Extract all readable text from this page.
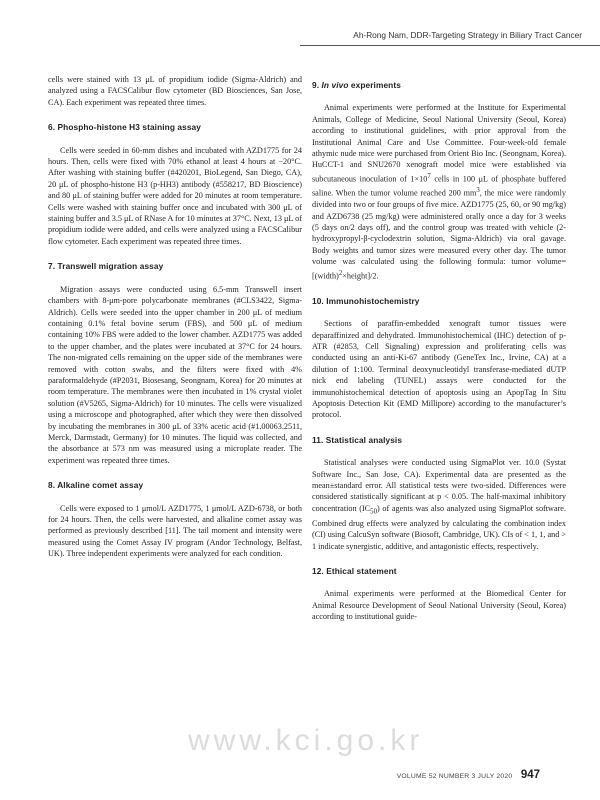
Ah-Rong Nam, DDR-Targeting Strategy in Biliary Tract Cancer

cells were stained with 13 μL of propidium iodide (Sigma-Aldrich) and analyzed using a FACSCalibur flow cytometer (BD Biosciences, San Jose, CA). Each experiment was repeated three times.

6. Phospho-histone H3 staining assay

Cells were seeded in 60-mm dishes and incubated with AZD1775 for 24 hours. Then, cells were fixed with 70% ethanol at least 4 hours at −20°C. After washing with staining buffer (#420201, BioLegend, San Diego, CA), 20 μL of phospho-histone H3 (p-HH3) antibody (#558217, BD Bioscience) and 80 μL of staining buffer were added for 20 minutes at room temperature. Cells were washed with staining buffer once and incubated with 300 μL of staining buffer and 3.5 μL of RNase A for 10 minutes at 37°C. Next, 13 μL of propidium iodide were added, and cells were analyzed using a FACSCalibur flow cytometer. Each experiment was repeated three times.

7. Transwell migration assay

Migration assays were conducted using 6.5-mm Transwell insert chambers with 8-μm-pore polycarbonate membranes (#CLS3422, Sigma-Aldrich). Cells were seeded into the upper chamber in 200 μL of medium containing 0.1% fetal bovine serum (FBS), and 500 μL of medium containing 10% FBS were added to the lower chamber. AZD1775 was added to the upper chamber, and the plates were incubated at 37°C for 24 hours. The non-migrated cells remaining on the upper side of the membranes were removed with cotton swabs, and the filters were fixed with 4% paraformaldehyde (#P2031, Biosesang, Seongnam, Korea) for 20 minutes at room temperature. The membranes were then incubated in 1% crystal violet solution (#V5265, Sigma-Aldrich) for 10 minutes. The cells were visualized using a microscope and photographed, after which they were then dissolved by incubating the membranes in 300 μL of 33% acetic acid (#1.00063.2511, Merck, Darmstadt, Germany) for 10 minutes. The liquid was collected, and the absorbance at 573 nm was measured using a microplate reader. The experiment was repeated three times.

8. Alkaline comet assay

Cells were exposed to 1 μmol/L AZD1775, 1 μmol/L AZD-6738, or both for 24 hours. Then, the cells were harvested, and alkaline comet assay was performed as previously described [11]. The tail moment and intensity were measured using the Comet Assay IV program (Andor Technology, Belfast, UK). Three independent experiments were analyzed for each condition.

9. In vivo experiments

Animal experiments were performed at the Institute for Experimental Animals, College of Medicine, Seoul National University (Seoul, Korea) according to institutional guidelines, with prior approval from the Institutional Animal Care and Use Committee. Four-week-old female athymic nude mice were purchased from Orient Bio Inc. (Seongnam, Korea). HuCCT-1 and SNU2670 xenograft model mice were established via subcutaneous inoculation of $1\times 10^7$ cells in 100 μL of phosphate buffered saline. When the tumor volume reached 200 $mm^3$, the mice were randomly divided into two or four groups of five mice. AZD1775 (25, 60, or 90 mg/kg) and AZD6738 (25 mg/kg) were administered orally once a day for 3 weeks (5 days on/2 days off), and the control group was treated with vehicle (2-hydroxypropyl-β-cyclodextrin solution, Sigma-Aldrich) via oral gavage. Body weights and tumor sizes were measured every other day. The tumor volume was calculated using the following formula: tumor volume=[(width)$^2$×height]/2.

10. Immunohistochemistry

Sections of paraffin-embedded xenograft tumor tissues were deparaffinized and dehydrated. Immunohistochemical (IHC) detection of p-ATR (#2853, Cell Signaling) expression and proliferating cells was conducted using an anti-Ki-67 antibody (GeneTex Inc., Irvine, CA) at a dilution of 1:100. Terminal deoxynucleotidyl transferase-mediated dUTP nick end labeling (TUNEL) assays were conducted for the immunohistochemical detection of apoptosis using an ApopTag In Situ Apoptosis Detection Kit (EMD Millipore) according to the manufacturer’s protocol.

11. Statistical analysis

Statistical analyses were conducted using SigmaPlot ver. 10.0 (Systat Software Inc., San Jose, CA). Experimental data are presented as the mean±standard error. All statistical tests were two-sided. Differences were considered statistically significant at p < 0.05. The half-maximal inhibitory concentration $(IC_{50})$ of agents was also analyzed using SigmaPlot software. Combined drug effects were analyzed by calculating the combination index (CI) using CalcuSyn software (Biosoft, Cambridge, UK). CIs of < 1, 1, and > 1 indicate synergistic, additive, and antagonistic effects, respectively.

12. Ethical statement

Animal experiments were performed at the Biomedical Center for Animal Resource Development of Seoul National University (Seoul, Korea) according to institutional guide-

www.kci.go.kr
VOLUME 52 NUMBER 3 JULY 2020 947
